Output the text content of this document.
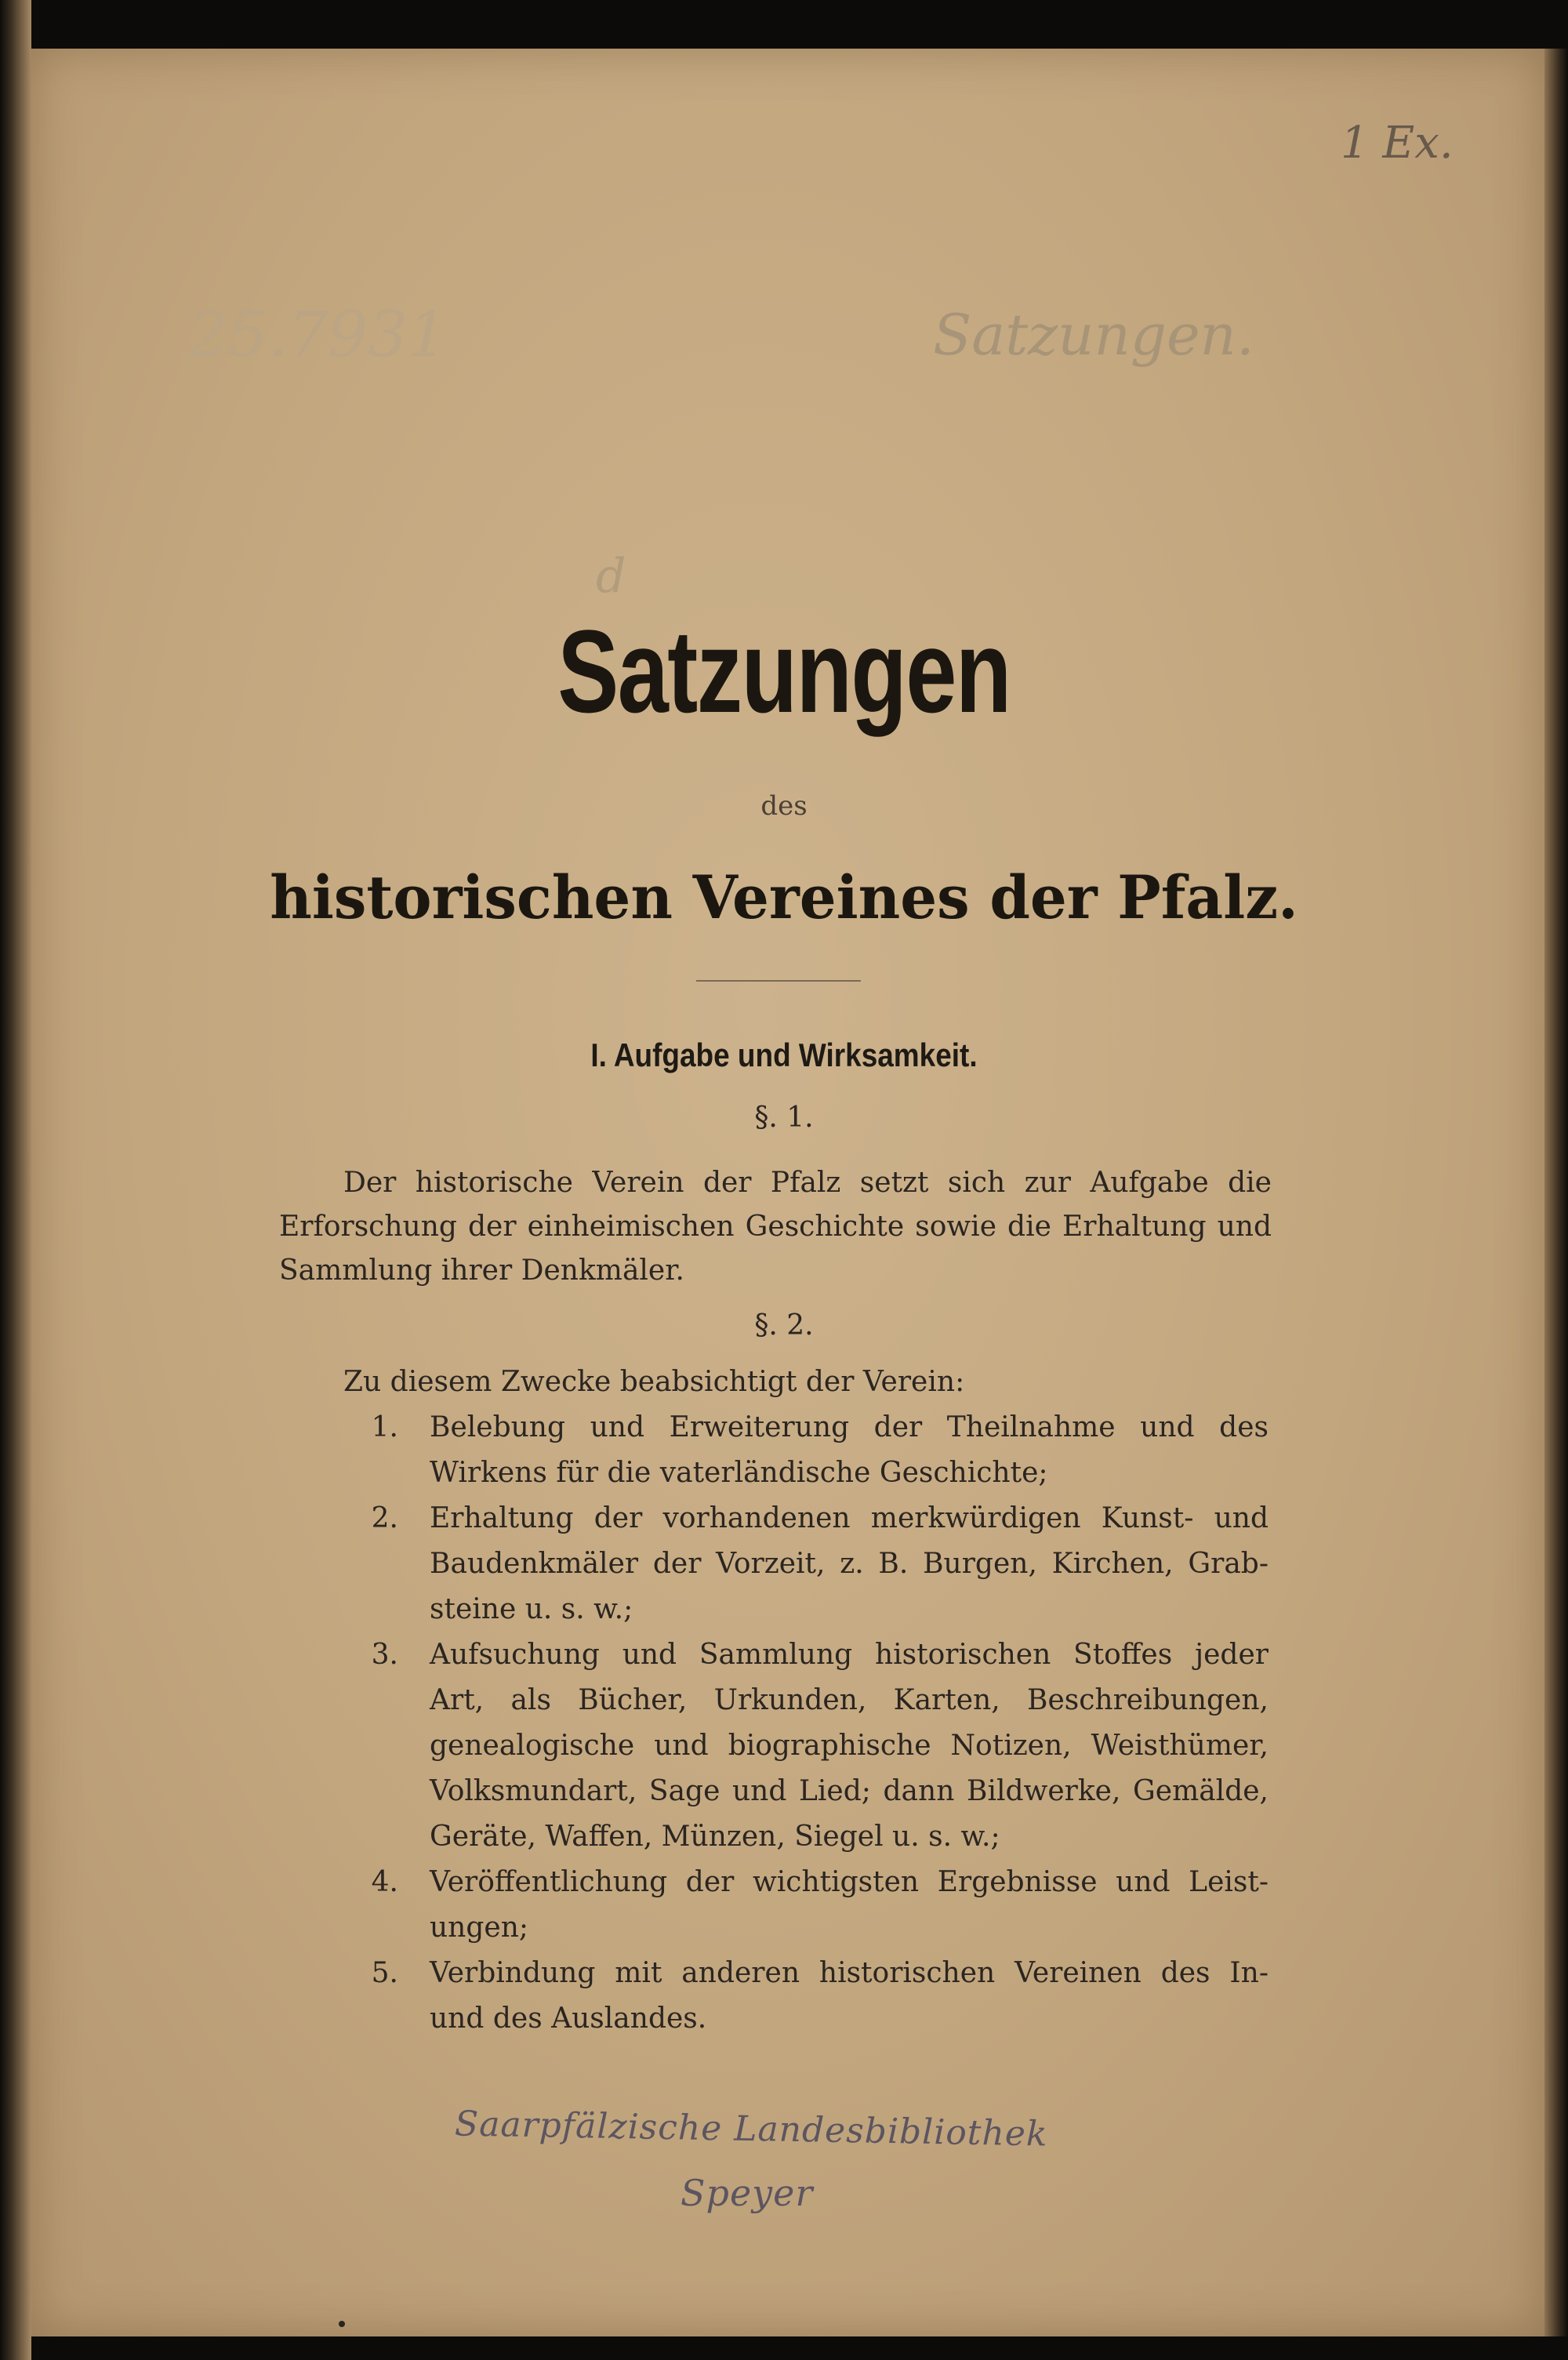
1 Ex.
25.7931	Satzungen.
d
Satzungen
des
historischen Vereines der Pfalz.
I. Aufgabe und Wirksamkeit.
§. 1.
Der historische Verein der Pfalz setzt sich zur Aufgabe die
Erforschung der einheimischen Geschichte sowie die Erhaltung und
Sammlung ihrer Denkmäler.
§. 2.
Zu diesem Zwecke beabsichtigt der Verein:
1. Belebung und Erweiterung der Theilnahme und des
Wirkens für die vaterländische Geschichte;
2. Erhaltung der vorhandenen merkwürdigen Kunst- und
Baudenkmäler der Vorzeit, z. B. Burgen, Kirchen, Grab-
steine u. s. w.;
3. Aufsuchung und Sammlung historischen Stoffes jeder
Art, als Bücher, Urkunden, Karten, Beschreibungen,
genealogische und biographische Notizen, Weisthümer,
Volksmundart, Sage und Lied; dann Bildwerke, Gemälde,
Geräte, Waffen, Münzen, Siegel u. s. w.;
4. Veröffentlichung der wichtigsten Ergebnisse und Leist-
ungen;
5. Verbindung mit anderen historischen Vereinen des In-
und des Auslandes.
Saarpfälzische Landesbibliothek
Speyer
